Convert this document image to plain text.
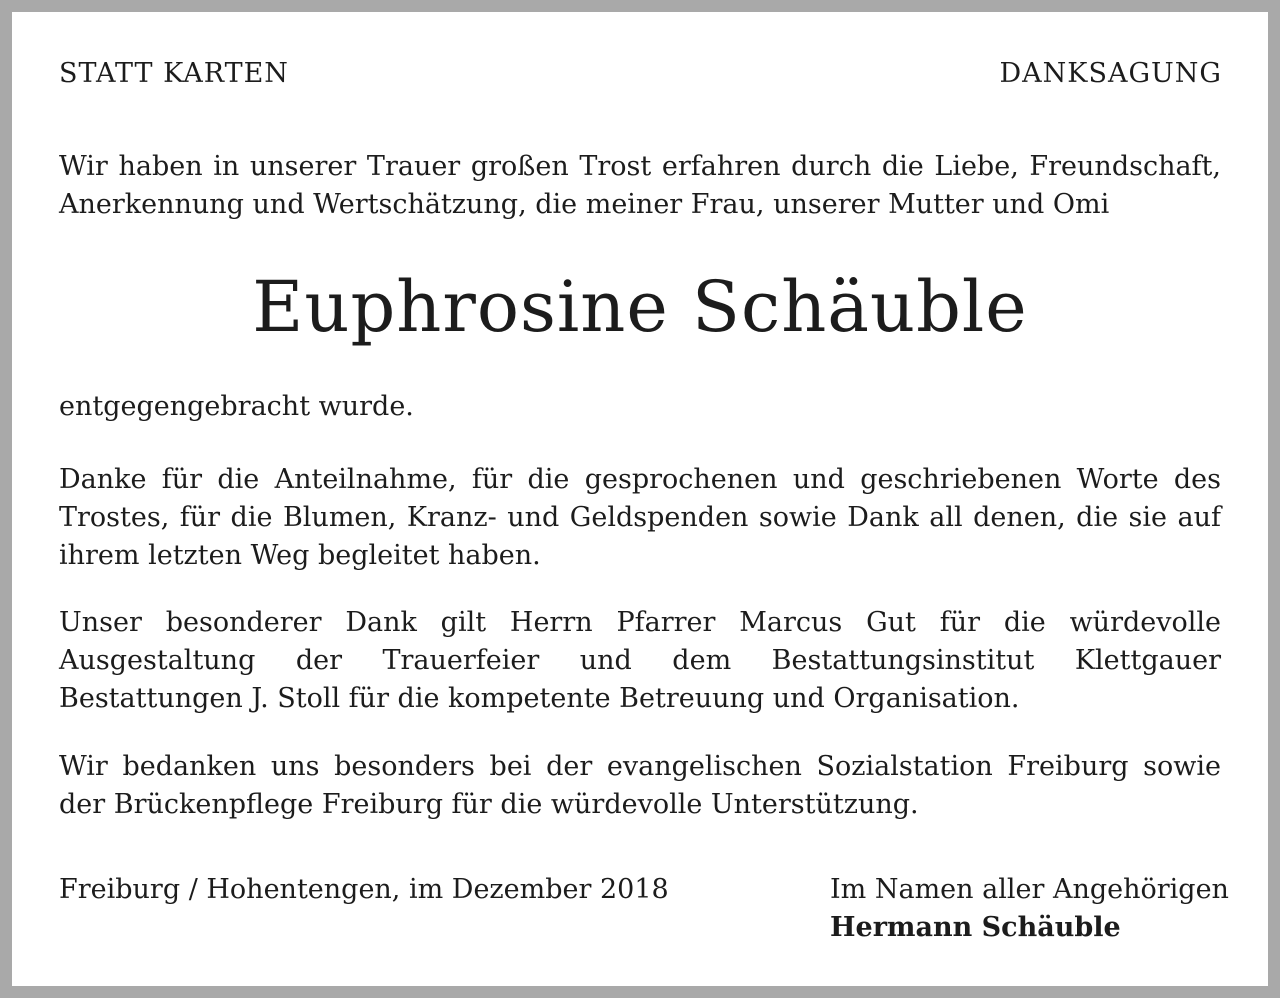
STATT KARTEN	DANKSAGUNG

Wir haben in unserer Trauer großen Trost erfahren durch die Liebe, Freundschaft, Anerkennung und Wertschätzung, die meiner Frau, unserer Mutter und Omi

Euphrosine Schäuble

entgegengebracht wurde.

Danke für die Anteilnahme, für die gesprochenen und geschriebenen Worte des Trostes, für die Blumen, Kranz- und Geldspenden sowie Dank all denen, die sie auf ihrem letzten Weg begleitet haben.

Unser besonderer Dank gilt Herrn Pfarrer Marcus Gut für die würdevolle Ausgestaltung der Trauerfeier und dem Bestattungsinstitut Klettgauer Bestattungen J. Stoll für die kompetente Betreuung und Organisation.

Wir bedanken uns besonders bei der evangelischen Sozialstation Freiburg sowie der Brückenpflege Freiburg für die würdevolle Unterstützung.

Freiburg / Hohentengen, im Dezember 2018	Im Namen aller Angehörigen
Hermann Schäuble
